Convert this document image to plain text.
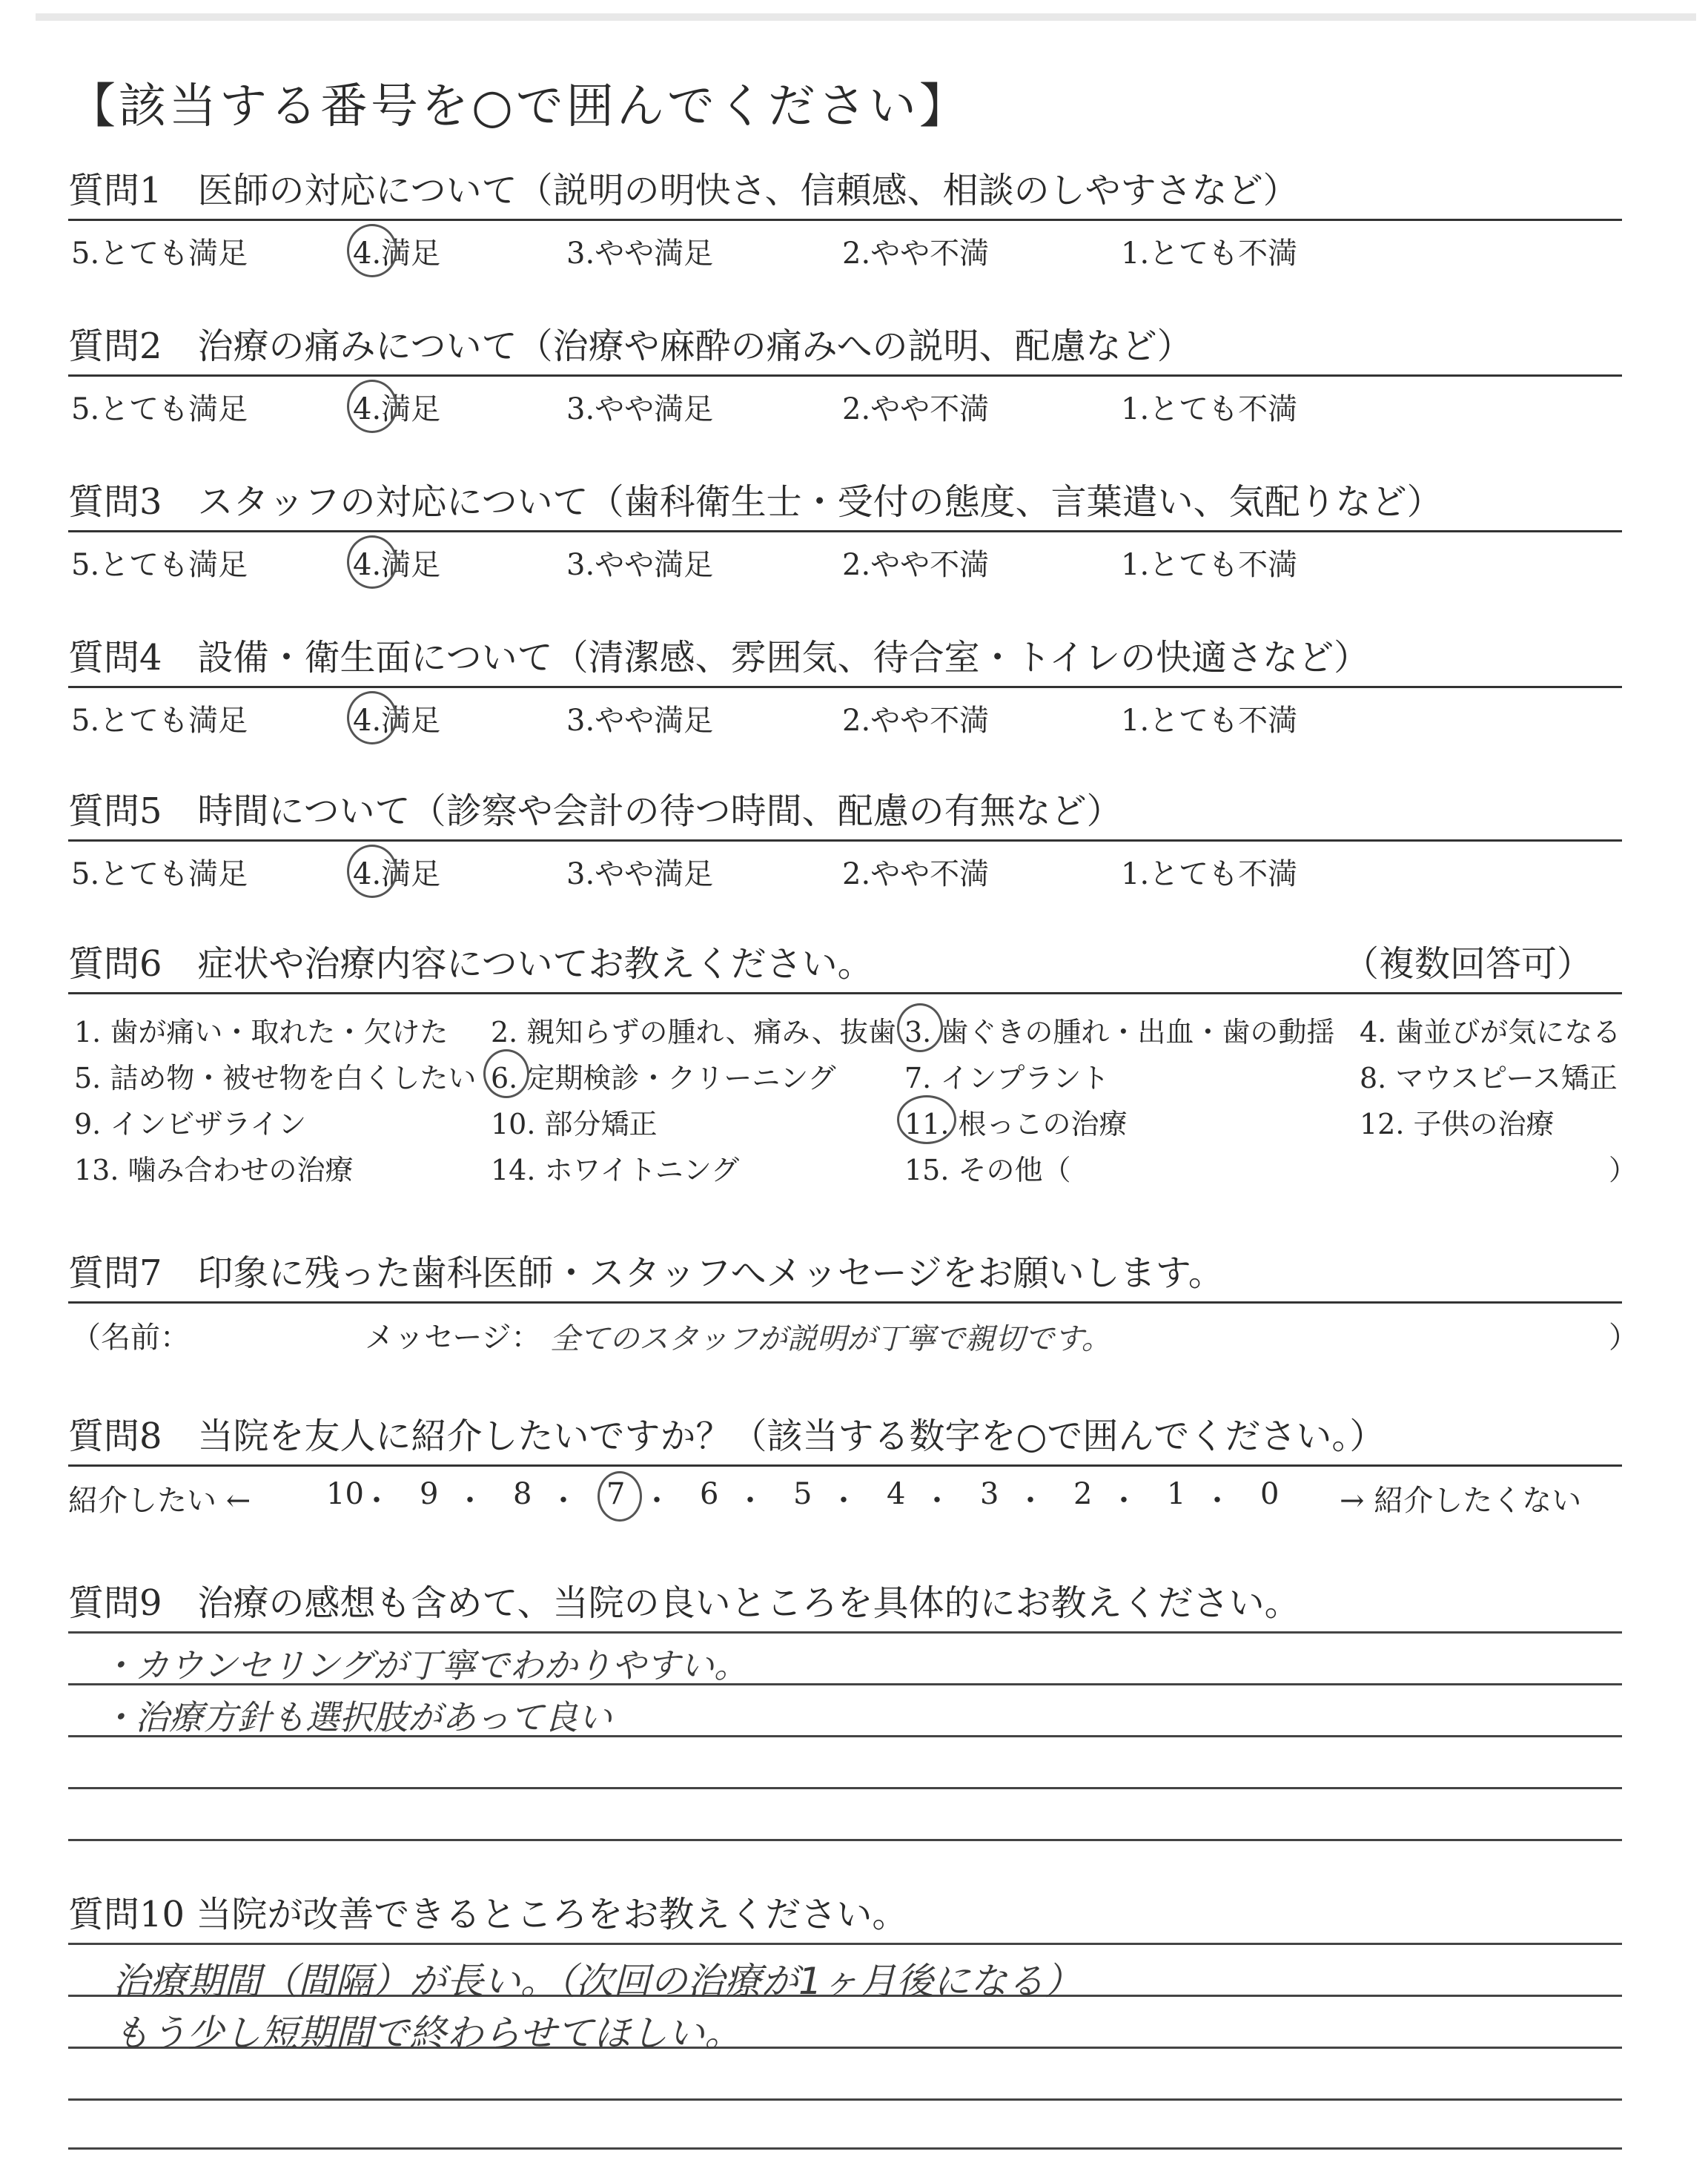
【該当する番号を○で囲んでください】
質問1　医師の対応について（説明の明快さ、信頼感、相談のしやすさなど）
5.とても満足	4.満足	3.やや満足	2.やや不満	1.とても不満
質問2　治療の痛みについて（治療や麻酔の痛みへの説明、配慮など）
5.とても満足	4.満足	3.やや満足	2.やや不満	1.とても不満
質問3　スタッフの対応について（歯科衛生士・受付の態度、言葉遣い、気配りなど）
5.とても満足	4.満足	3.やや満足	2.やや不満	1.とても不満
質問4　設備・衛生面について（清潔感、雰囲気、待合室・トイレの快適さなど）
5.とても満足	4.満足	3.やや満足	2.やや不満	1.とても不満
質問5　時間について（診察や会計の待つ時間、配慮の有無など）
5.とても満足	4.満足	3.やや満足	2.やや不満	1.とても不満
質問6　症状や治療内容についてお教えください。	（複数回答可）
）
1. 歯が痛い・取れた・欠けた 2. 親知らずの腫れ、痛み、抜歯 3. 歯ぐきの腫れ・出血・歯の動揺 4. 歯並びが気になる
5. 詰め物・被せ物を白くしたい 6. 定期検診・クリーニング 7. インプラント	8. マウスピース矯正
9. インビザライン	10. 部分矯正	11. 根っこの治療	12. 子供の治療
13. 噛み合わせの治療	14. ホワイトニング	15. その他（
質問7　印象に残った歯科医師・スタッフへメッセージをお願いします。
（名前：	メッセージ： 全てのスタッフが説明が丁寧で親切です。	）
質問8　当院を友人に紹介したいですか？（該当する数字を○で囲んでください。）
紹介したい ←	→ 紹介したくない
10
・ 9 ・ 8 ・ 7 ・ 6 ・ 5 ・ 4 ・ 3 ・ 2 ・ 1 ・ 0
質問9　治療の感想も含めて、当院の良いところを具体的にお教えください。
・カウンセリングが丁寧でわかりやすい。
・治療方針も選択肢があって良い
質問10 当院が改善できるところをお教えください。
治療期間（間隔）が長い。（次回の治療が1ヶ月後になる）
もう少し短期間で終わらせてほしい。
